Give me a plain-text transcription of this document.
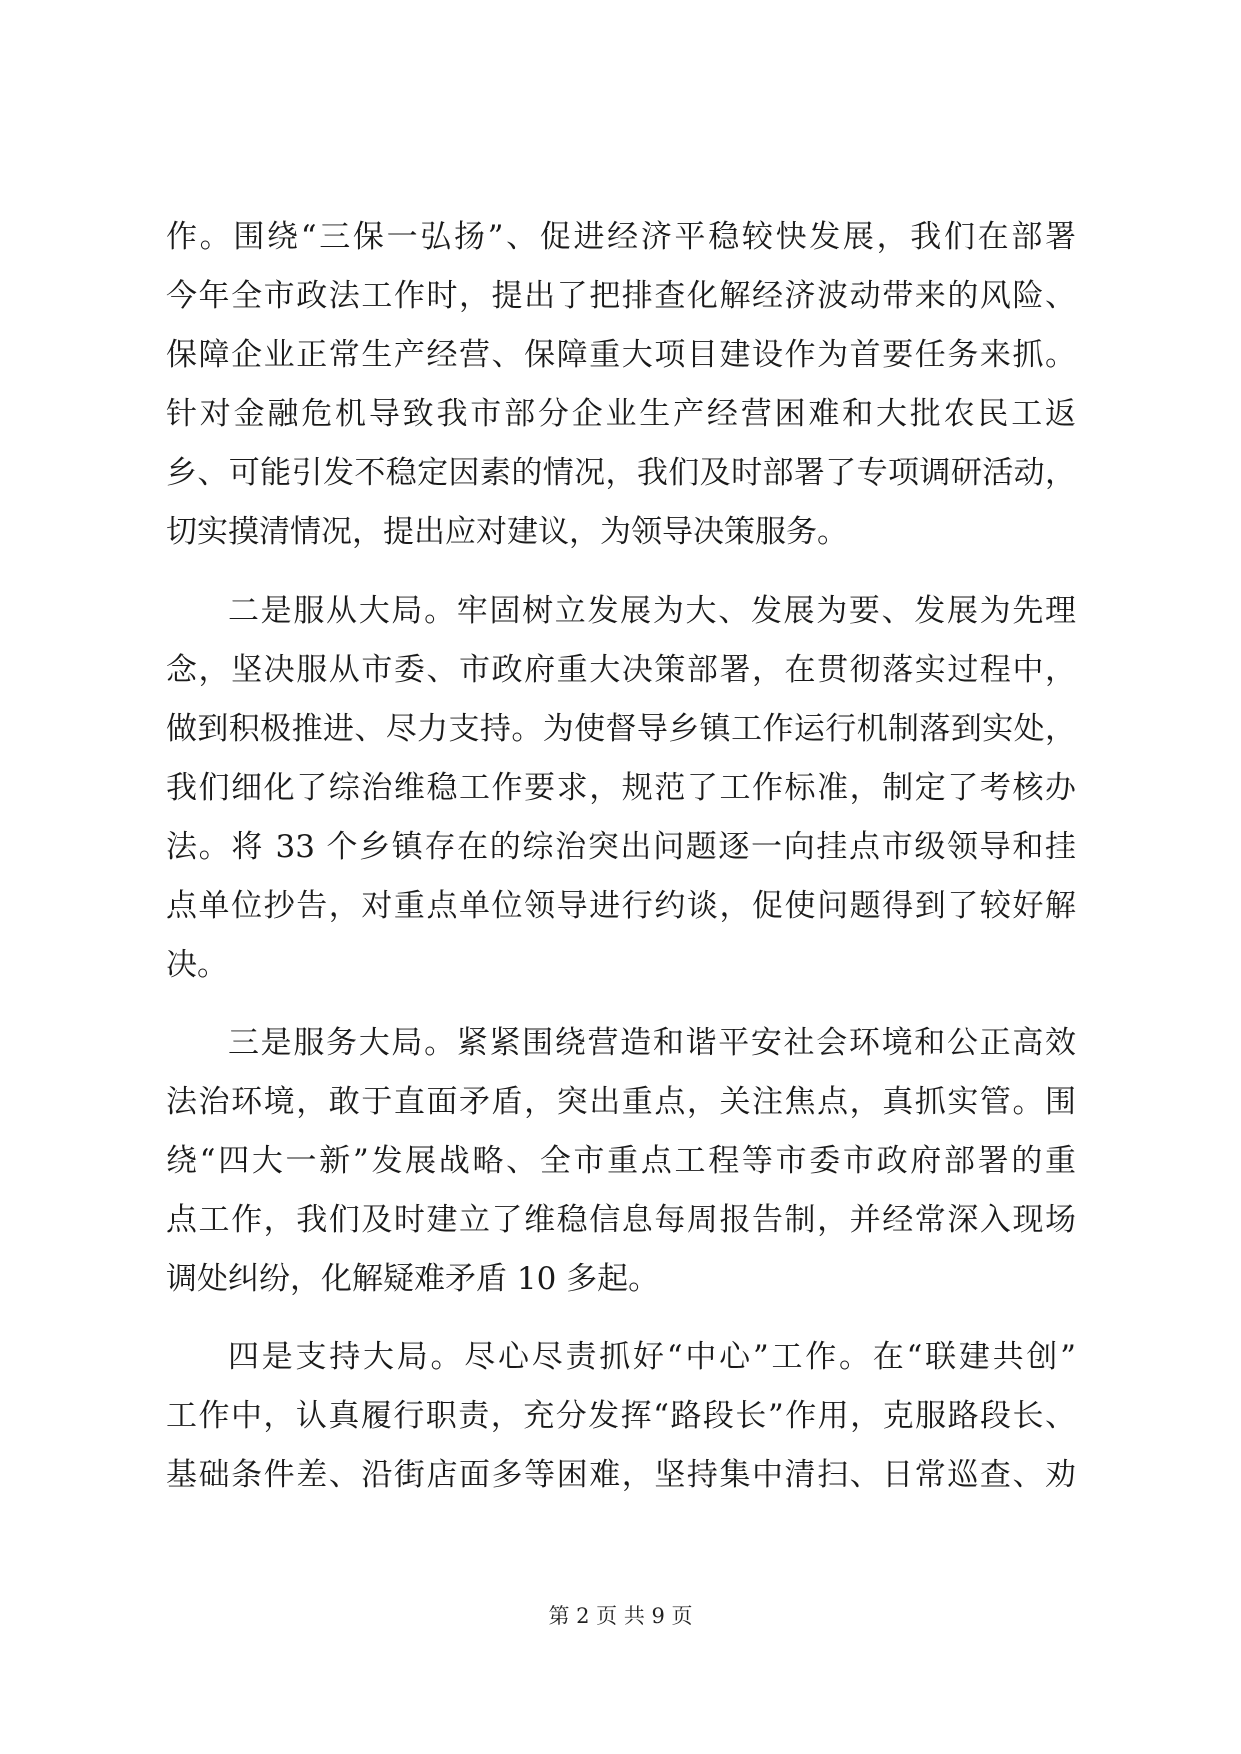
作。围绕“三保一弘扬”、促进经济平稳较快发展，我们在部署
今年全市政法工作时，提出了把排查化解经济波动带来的风险、
保障企业正常生产经营、保障重大项目建设作为首要任务来抓。
针对金融危机导致我市部分企业生产经营困难和大批农民工返
乡、可能引发不稳定因素的情况，我们及时部署了专项调研活动，
切实摸清情况，提出应对建议，为领导决策服务。
二是服从大局。牢固树立发展为大、发展为要、发展为先理
念，坚决服从市委、市政府重大决策部署，在贯彻落实过程中，
做到积极推进、尽力支持。为使督导乡镇工作运行机制落到实处，
我们细化了综治维稳工作要求，规范了工作标准，制定了考核办
法。将 33 个乡镇存在的综治突出问题逐一向挂点市级领导和挂
点单位抄告，对重点单位领导进行约谈，促使问题得到了较好解
决。
三是服务大局。紧紧围绕营造和谐平安社会环境和公正高效
法治环境，敢于直面矛盾，突出重点，关注焦点，真抓实管。围
绕“四大一新”发展战略、全市重点工程等市委市政府部署的重
点工作，我们及时建立了维稳信息每周报告制，并经常深入现场
调处纠纷，化解疑难矛盾 10 多起。
四是支持大局。尽心尽责抓好“中心”工作。在“联建共创”
工作中，认真履行职责，充分发挥“路段长”作用，克服路段长、
基础条件差、沿街店面多等困难，坚持集中清扫、日常巡查、劝
第 2 页 共 9 页
